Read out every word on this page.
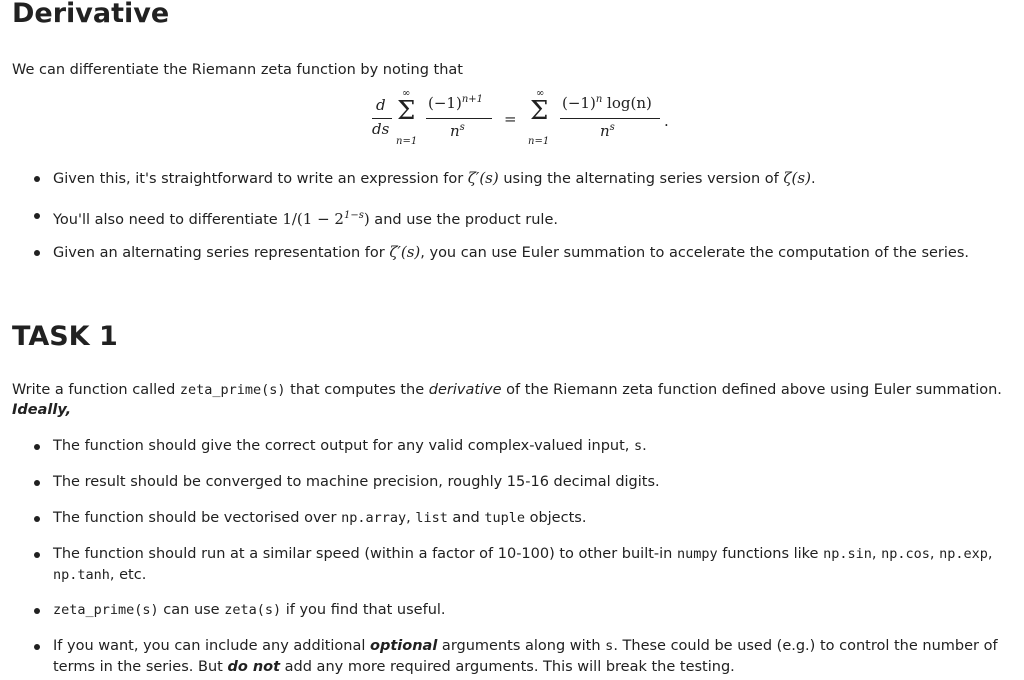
Derivative

We can differentiate the Riemann zeta function by noting that

d
ds
∞
Σ
n=1
$(-1)^{n+1}$
$n^s$	=
∞
Σ
n=1
$(-1)^n$ log(n)
$n^s$	.

Given this, it's straightforward to write an expression for ζ′(s) using the alternating series version of ζ(s).

You'll also need to differentiate $1/(1 - 2^{1-s})$ and use the product rule.

Given an alternating series representation for ζ′(s), you can use Euler summation to accelerate the computation of the series.

TASK 1

Write a function called zeta_prime(s) that computes the derivative of the Riemann zeta function defined above using Euler summation.
Ideally,

The function should give the correct output for any valid complex-valued input, s.

The result should be converged to machine precision, roughly 15-16 decimal digits.

The function should be vectorised over np.array, list and tuple objects.

The function should run at a similar speed (within a factor of 10-100) to other built-in numpy functions like np.sin, np.cos, np.exp, np.tanh, etc.

zeta_prime(s) can use zeta(s) if you find that useful.

If you want, you can include any additional optional arguments along with s. These could be used (e.g.) to control the number of terms in the series. But do not add any more required arguments. This will break the testing.
